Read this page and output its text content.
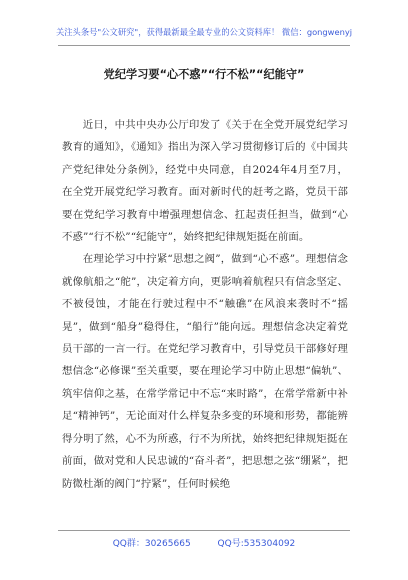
关注头条号"公文研究"，获得最新最全最专业的公文资料库！ 微信：gongwenyj
党纪学习要“心不惑”“行不松”“纪能守”

近日，中共中央办公厅印发了《关于在全党开展党纪学习教育的通知》，《通知》指出为深入学习贯彻修订后的《中国共产党纪律处分条例》，经党中央同意，自2024年4月至7月，在全党开展党纪学习教育。面对新时代的赶考之路，党员干部要在党纪学习教育中增强理想信念、扛起责任担当，做到“心不惑”“行不松”“纪能守”，始终把纪律规矩挺在前面。

在理论学习中拧紧“思想之阀”，做到“心不惑”。理想信念就像航船之“舵”，决定着方向，更影响着航程只有信念坚定、不被侵蚀，才能在行驶过程中不“触礁”在风浪来袭时不“摇晃”，做到“船身”稳得住，“船行”能向远。理想信念决定着党员干部的一言一行。在党纪学习教育中，引导党员干部修好理想信念“必修课”至关重要，要在理论学习中防止思想“偏轨”、筑牢信仰之基，在常学常记中不忘“来时路”，在常学常新中补足“精神钙”，无论面对什么样复杂多变的环境和形势，都能辨得分明了然，心不为所惑，行不为所扰，始终把纪律规矩挺在前面，做对党和人民忠诚的“奋斗者”，把思想之弦“绷紧”，把防微杜渐的阀门“拧紧”，任何时候绝

QQ群：30265665	QQ号:535304092
